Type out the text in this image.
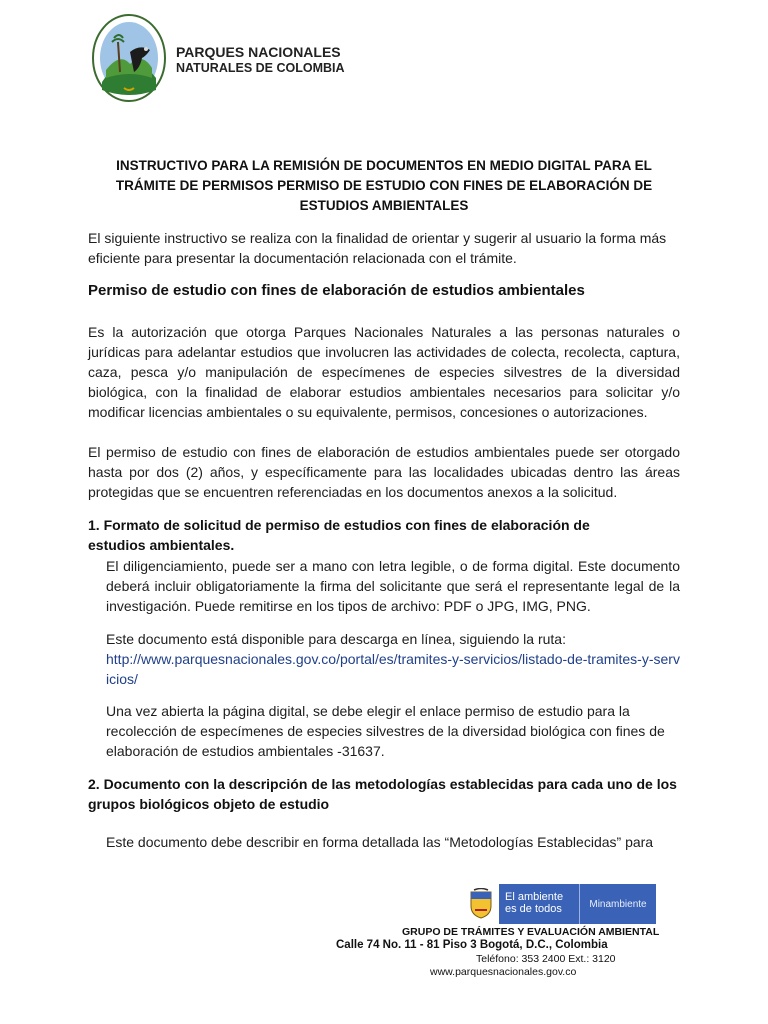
PARQUES NACIONALES
NATURALES DE COLOMBIA
INSTRUCTIVO PARA LA REMISIÓN DE DOCUMENTOS EN MEDIO DIGITAL PARA EL TRÁMITE DE PERMISOS PERMISO DE ESTUDIO CON FINES DE ELABORACIÓN DE ESTUDIOS AMBIENTALES
El siguiente instructivo se realiza con la finalidad de orientar y sugerir al usuario la forma más eficiente para presentar la documentación relacionada con el trámite.
Permiso de estudio con fines de elaboración de estudios ambientales
Es la autorización que otorga Parques Nacionales Naturales a las personas naturales o jurídicas para adelantar estudios que involucren las actividades de colecta, recolecta, captura, caza, pesca y/o manipulación de especímenes de especies silvestres de la diversidad biológica, con la finalidad de elaborar estudios ambientales necesarios para solicitar y/o modificar licencias ambientales o su equivalente, permisos, concesiones o autorizaciones.
El permiso de estudio con fines de elaboración de estudios ambientales puede ser otorgado hasta por dos (2) años, y específicamente para las localidades ubicadas dentro las áreas protegidas que se encuentren referenciadas en los documentos anexos a la solicitud.
1. Formato de solicitud de permiso de estudios con fines de elaboración de estudios ambientales.
El diligenciamiento, puede ser a mano con letra legible, o de forma digital. Este documento deberá incluir obligatoriamente la firma del solicitante que será el representante legal de la investigación. Puede remitirse en los tipos de archivo: PDF o JPG, IMG, PNG.
Este documento está disponible para descarga en línea, siguiendo la ruta:
http://www.parquesnacionales.gov.co/portal/es/tramites-y-servicios/listado-de-tramites-y-servicios/
Una vez abierta la página digital, se debe elegir el enlace permiso de estudio para la recolección de especímenes de especies silvestres de la diversidad biológica con fines de elaboración de estudios ambientales -31637.
2. Documento con la descripción de las metodologías establecidas para cada uno de los grupos biológicos objeto de estudio
Este documento debe describir en forma detallada las “Metodologías Establecidas” para
El ambiente
es de todos	Minambiente
GRUPO DE TRÁMITES Y EVALUACIÓN AMBIENTAL
Calle 74 No. 11 - 81 Piso 3 Bogotá, D.C., Colombia
Teléfono: 353 2400 Ext.: 3120
www.parquesnacionales.gov.co
